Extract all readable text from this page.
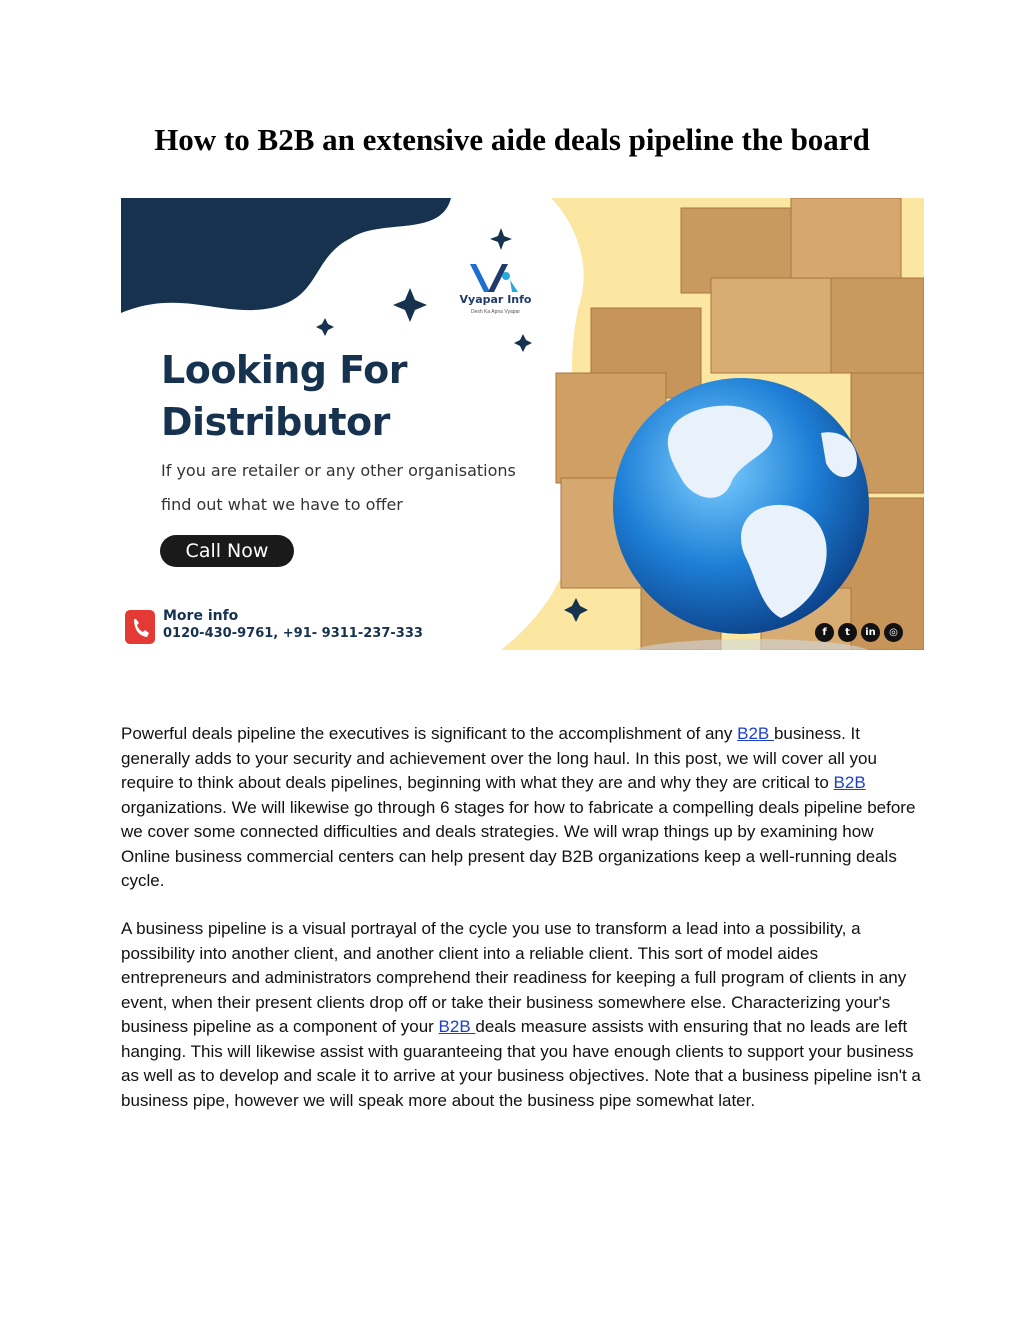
How to B2B an extensive aide deals pipeline the board
Vyapar Info
Desh Ka Apna Vyapar
Looking For
Distributor
If you are retailer or any other organisations
find out what we have to offer
Call Now
More info
0120-430-9761, +91- 9311-237-333	f	t	in	◎

Powerful deals pipeline the executives is significant to the accomplishment of any B2B business. It generally adds to your security and achievement over the long haul. In this post, we will cover all you require to think about deals pipelines, beginning with what they are and why they are critical to B2B organizations. We will likewise go through 6 stages for how to fabricate a compelling deals pipeline before we cover some connected difficulties and deals strategies. We will wrap things up by examining how Online business commercial centers can help present day B2B organizations keep a well-running deals cycle.

A business pipeline is a visual portrayal of the cycle you use to transform a lead into a possibility, a possibility into another client, and another client into a reliable client. This sort of model aides entrepreneurs and administrators comprehend their readiness for keeping a full program of clients in any event, when their present clients drop off or take their business somewhere else. Characterizing your's business pipeline as a component of your B2B deals measure assists with ensuring that no leads are left hanging. This will likewise assist with guaranteeing that you have enough clients to support your business as well as to develop and scale it to arrive at your business objectives. Note that a business pipeline isn't a business pipe, however we will speak more about the business pipe somewhat later.
